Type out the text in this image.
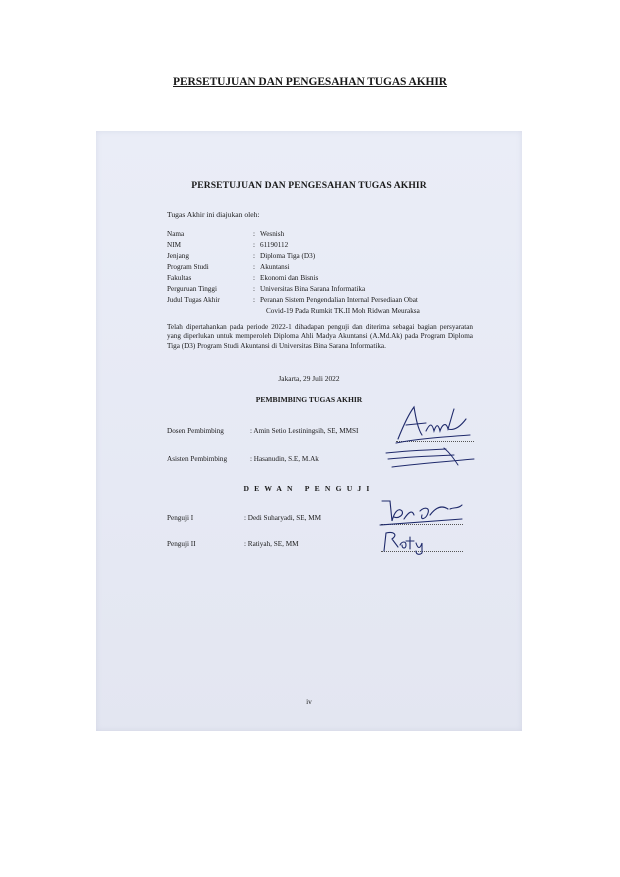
PERSETUJUAN DAN PENGESAHAN TUGAS AKHIR
PERSETUJUAN DAN PENGESAHAN TUGAS AKHIR
Tugas Akhir ini diajukan oleh:
Nama	: Wesnish
NIM	: 61190112
Jenjang	: Diploma Tiga (D3)
Program Studi	: Akuntansi
Fakultas	: Ekonomi dan Bisnis
Perguruan Tinggi	: Universitas Bina Sarana Informatika
Judul Tugas Akhir	: Peranan Sistem Pengendalian Internal Persediaan Obat
Covid-19 Pada Rumkit TK.II Moh Ridwan Meuraksa
Telah dipertahankan pada periode 2022-1 dihadapan penguji dan diterima sebagai bagian persyaratan yang diperlukan untuk memperoleh Diploma Ahli Madya Akuntansi (A.Md.Ak) pada Program Diploma Tiga (D3) Program Studi Akuntansi di Universitas Bina Sarana Informatika.
Jakarta, 29 Juli 2022
PEMBIMBING TUGAS AKHIR
Dosen Pembimbing	: Amin Setio Lestiningsih, SE, MMSI
Asisten Pembimbing	: Hasanudin, S.E, M.Ak
DEWAN PENGUJI
Penguji I	: Dedi Suharyadi, SE, MM
Penguji II	: Ratiyah, SE, MM
iv
